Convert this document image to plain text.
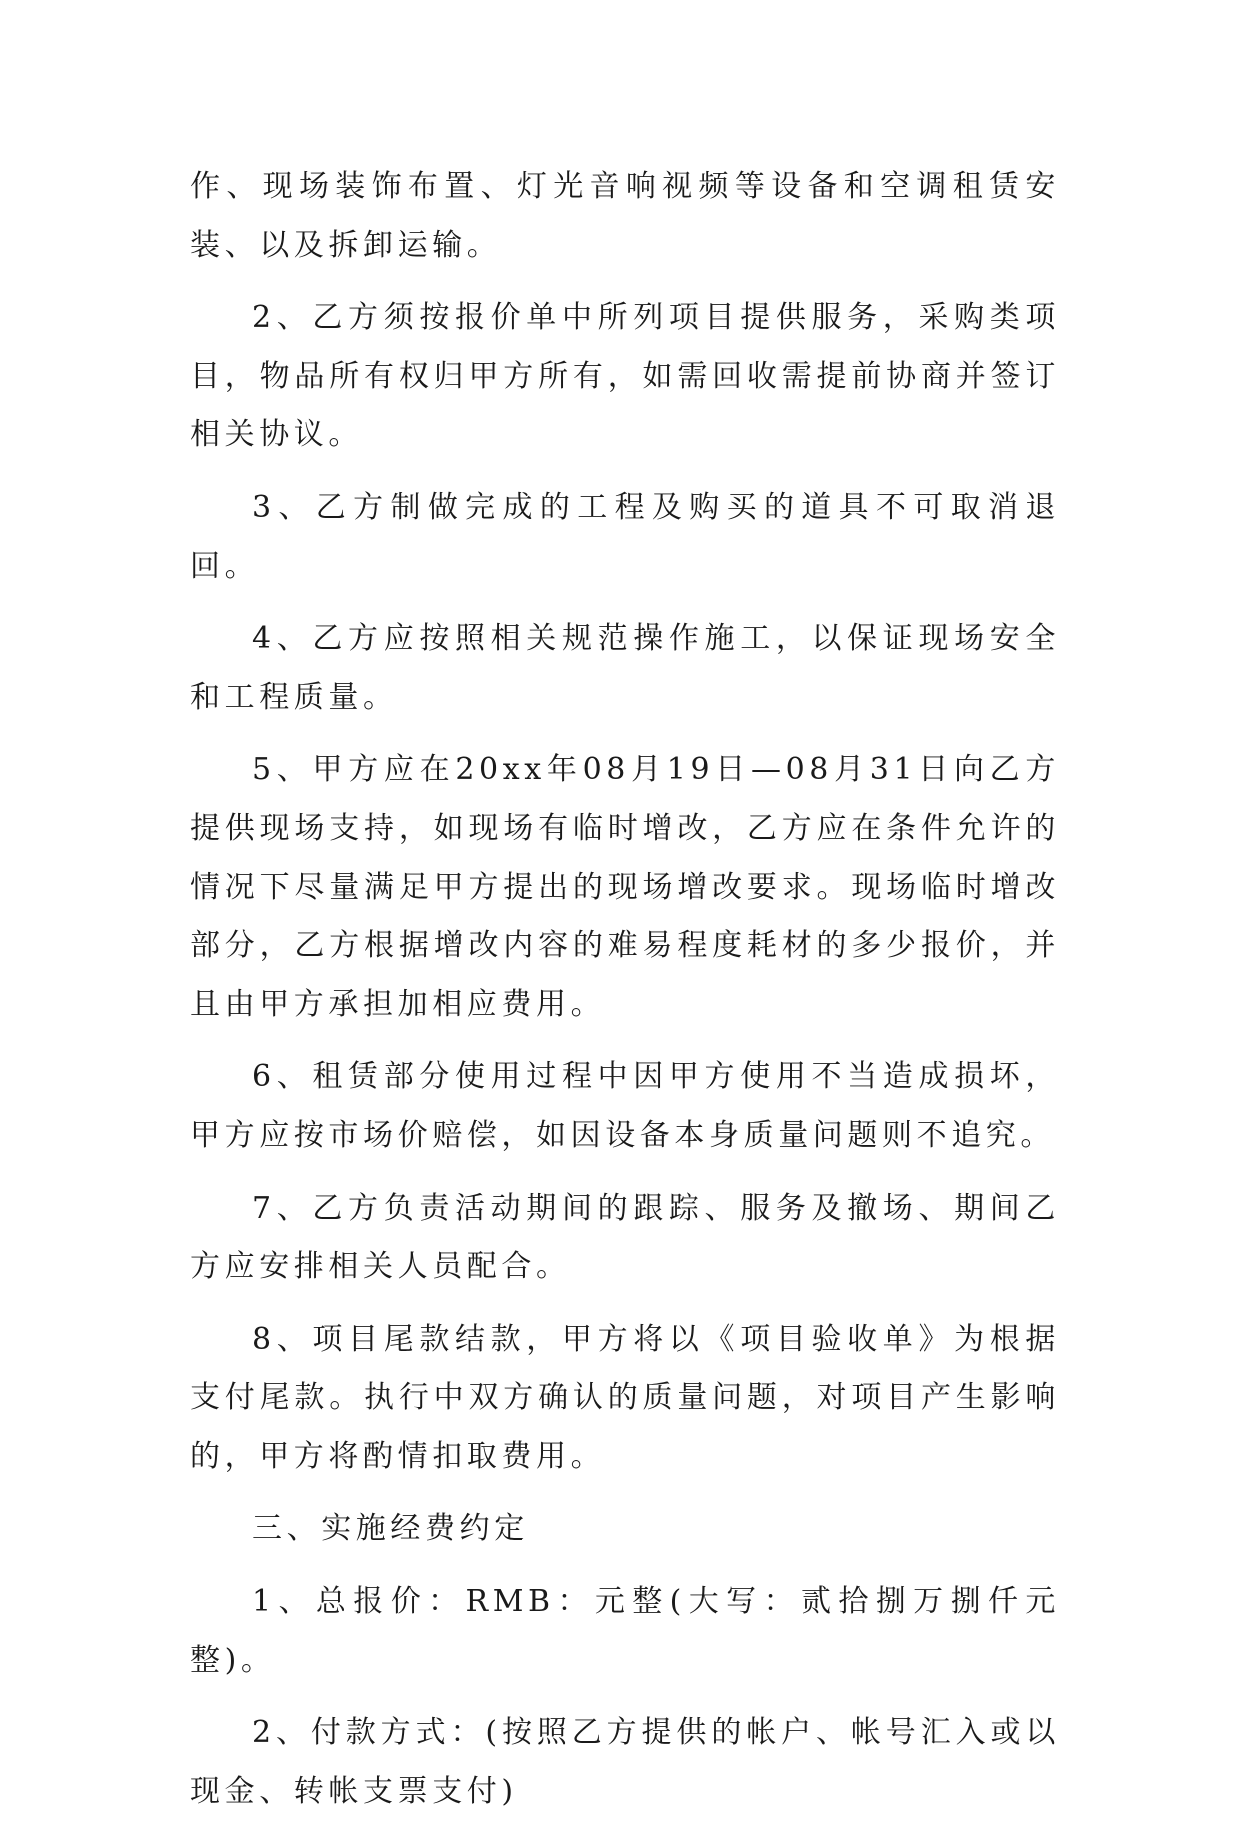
作、现场装饰布置、灯光音响视频等设备和空调租赁安装、以及拆卸运输。

2、乙方须按报价单中所列项目提供服务，采购类项目，物品所有权归甲方所有，如需回收需提前协商并签订相关协议。

3、乙方制做完成的工程及购买的道具不可取消退回。

4、乙方应按照相关规范操作施工，以保证现场安全和工程质量。

5、甲方应在20xx年08月19日—08月31日向乙方提供现场支持，如现场有临时增改，乙方应在条件允许的情况下尽量满足甲方提出的现场增改要求。现场临时增改部分，乙方根据增改内容的难易程度耗材的多少报价，并且由甲方承担加相应费用。

6、租赁部分使用过程中因甲方使用不当造成损坏，甲方应按市场价赔偿，如因设备本身质量问题则不追究。

7、乙方负责活动期间的跟踪、服务及撤场、期间乙方应安排相关人员配合。

8、项目尾款结款，甲方将以《项目验收单》为根据支付尾款。执行中双方确认的质量问题，对项目产生影响的，甲方将酌情扣取费用。

三、实施经费约定

1、总报价：RMB：元整(大写：贰拾捌万捌仟元整)。

2、付款方式：(按照乙方提供的帐户、帐号汇入或以现金、转帐支票支付)
